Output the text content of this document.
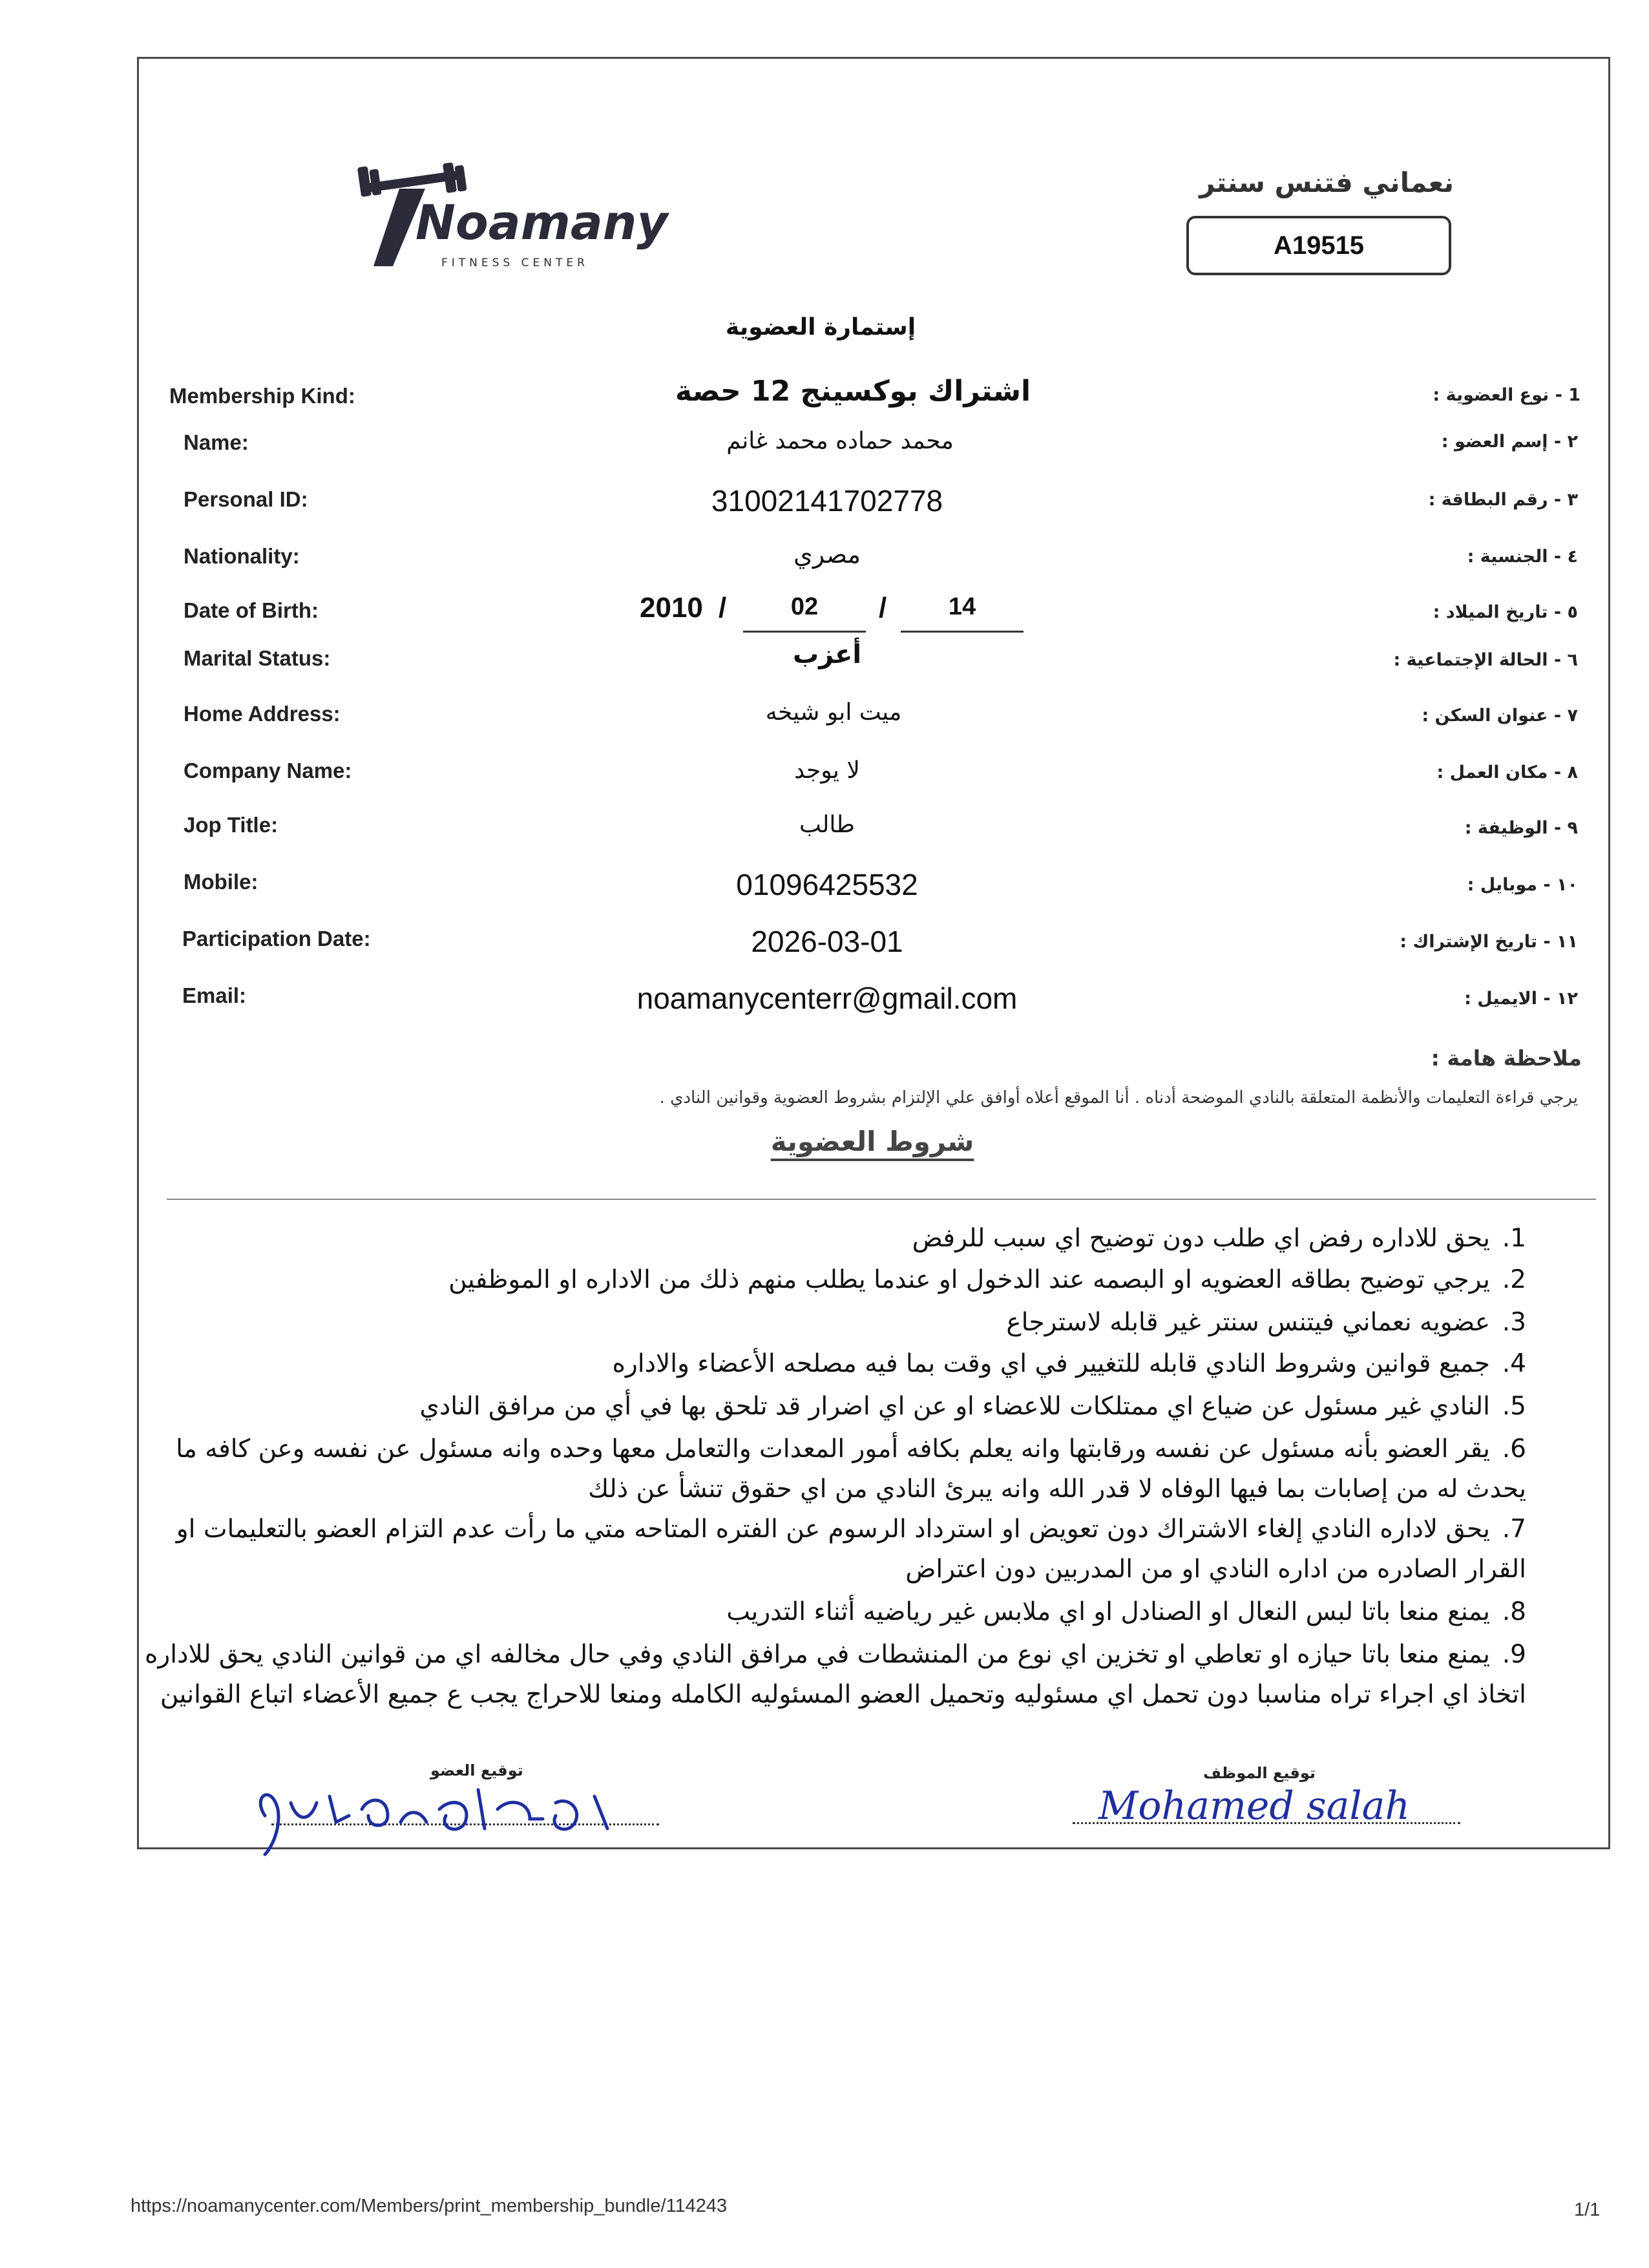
Noamany
FITNESS CENTER
نعماني فتنس سنتر
A19515
إستمارة العضوية
Membership Kind:	اشتراك بوكسينج 12 حصة	1 - نوع العضوية :
Name:	محمد حماده محمد غانم	٢ - إسم العضو :
Personal ID:	31002141702778	٣ - رقم البطاقة :
Nationality:	مصري	٤ - الجنسية :
Date of Birth:	2010 /	02	/	14	٥ - تاريخ الميلاد :
Marital Status:	أعزب	٦ - الحالة الإجتماعية :
Home Address:	ميت ابو شيخه	٧ - عنوان السكن :
Company Name:	لا يوجد	٨ - مكان العمل :
Jop Title:	طالب	٩ - الوظيفة :
Mobile:	01096425532	١٠ - موبايل :
Participation Date:	2026-03-01	١١ - تاريخ الإشتراك :
Email:	noamanycenterr@gmail.com	١٢ - الايميل :
ملاحظة هامة :
يرجي قراءة التعليمات والأنظمة المتعلقة بالنادي الموضحة أدناه . أنا الموقع أعلاه أوافق علي الإلتزام بشروط العضوية وقوانين النادي .
شروط العضوية
1.يحق للاداره رفض اي طلب دون توضيح اي سبب للرفض
2.يرجي توضيح بطاقه العضويه او البصمه عند الدخول او عندما يطلب منهم ذلك من الاداره او الموظفين
3.عضويه نعماني فيتنس سنتر غير قابله لاسترجاع
4.جميع قوانين وشروط النادي قابله للتغيير في اي وقت بما فيه مصلحه الأعضاء والاداره
5.النادي غير مسئول عن ضياع اي ممتلكات للاعضاء او عن اي اضرار قد تلحق بها في أي من مرافق النادي
6.يقر العضو بأنه مسئول عن نفسه ورقابتها وانه يعلم بكافه أمور المعدات والتعامل معها وحده وانه مسئول عن نفسه وعن كافه ما يحدث له من إصابات بما فيها الوفاه لا قدر الله وانه يبرئ النادي من اي حقوق تنشأ عن ذلك
7.يحق لاداره النادي إلغاء الاشتراك دون تعويض او استرداد الرسوم عن الفتره المتاحه متي ما رأت عدم التزام العضو بالتعليمات او القرار الصادره من اداره النادي او من المدربين دون اعتراض
8.يمنع منعا باتا لبس النعال او الصنادل او اي ملابس غير رياضيه أثناء التدريب
9.يمنع منعا باتا حيازه او تعاطي او تخزين اي نوع من المنشطات في مرافق النادي وفي حال مخالفه اي من قوانين النادي يحق للاداره اتخاذ اي اجراء تراه مناسبا دون تحمل اي مسئوليه وتحميل العضو المسئوليه الكامله ومنعا للاحراج يجب ع جميع الأعضاء اتباع القوانين
توقيع الموظف
Mohamed salah
توقيع العضو
https://noamanycenter.com/Members/print_membership_bundle/114243	1/1
